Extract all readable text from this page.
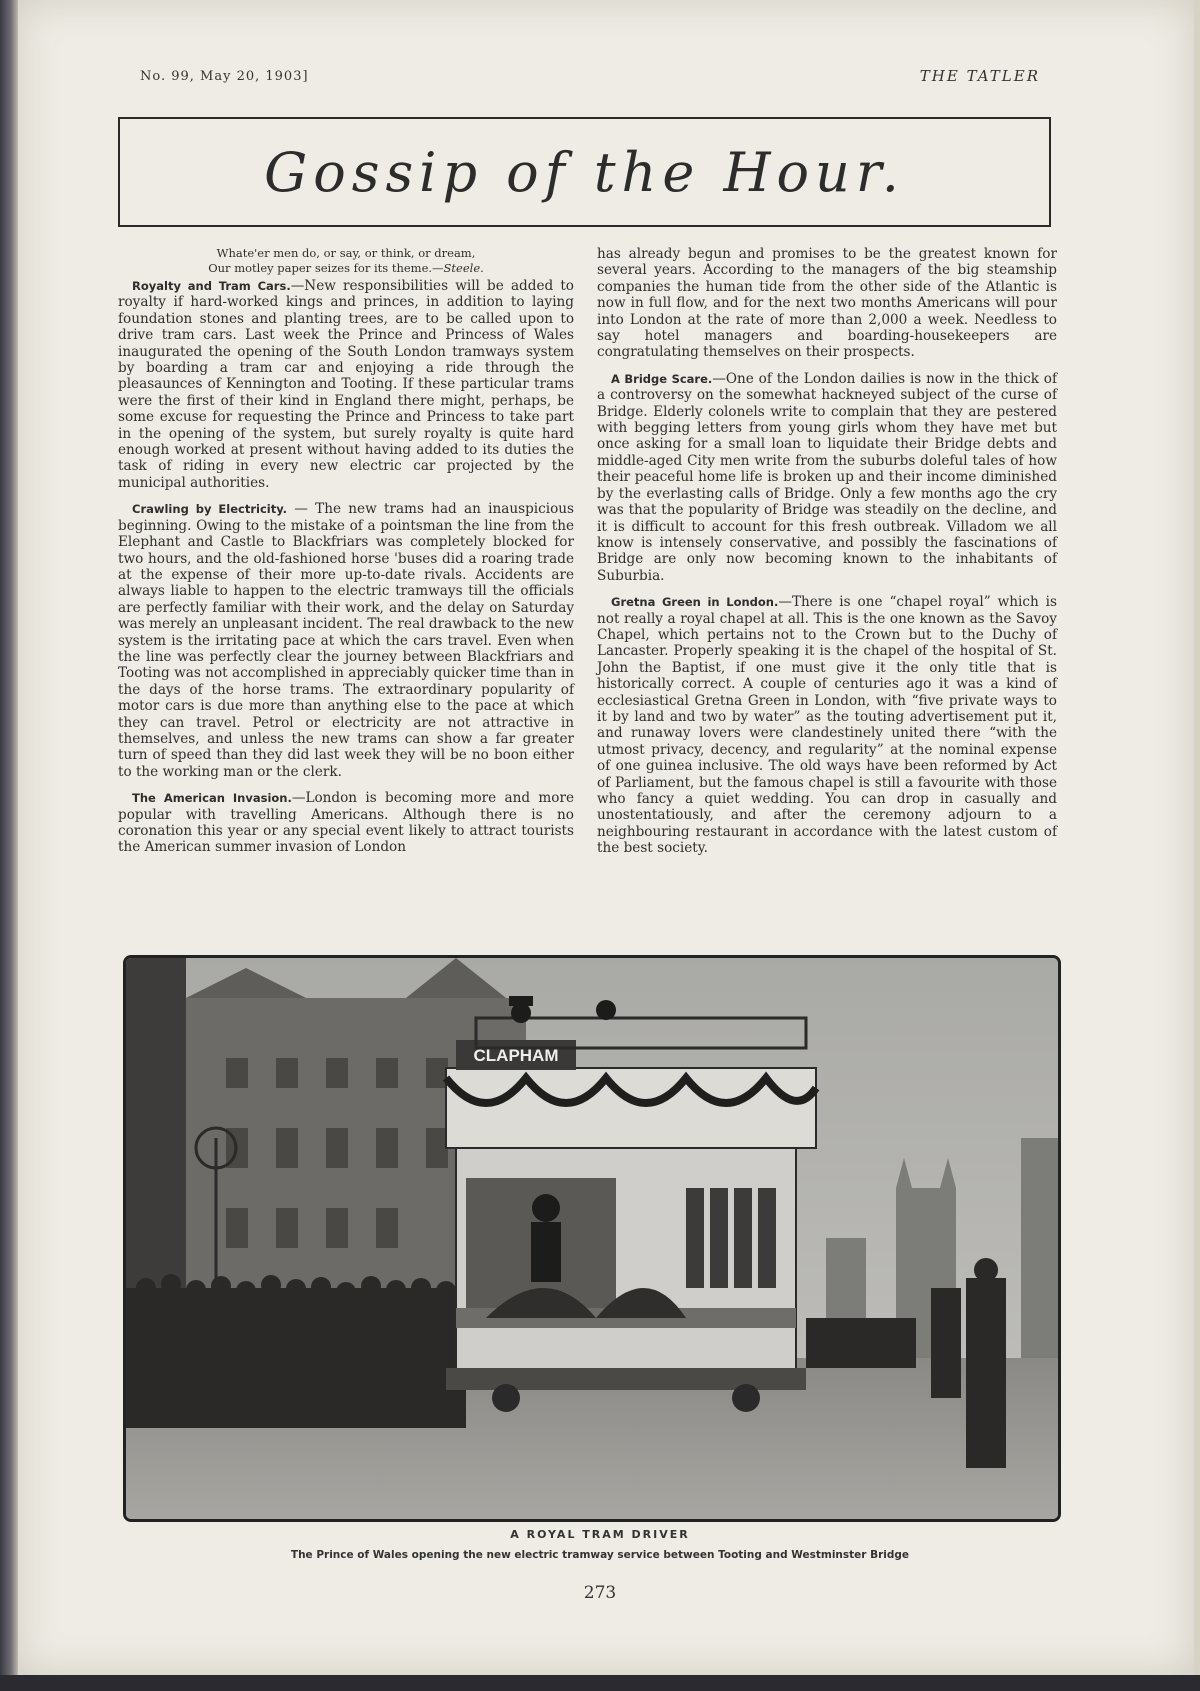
No. 99, May 20, 1903]	THE TATLER
Gossip of the Hour.
Whate'er men do, or say, or think, or dream,
Our motley paper seizes for its theme.—Steele.

Royalty and Tram Cars.—New responsibilities will be added to royalty if hard-worked kings and princes, in addition to laying foundation stones and planting trees, are to be called upon to drive tram cars. Last week the Prince and Princess of Wales inaugurated the opening of the South London tramways system by boarding a tram car and enjoying a ride through the pleasaunces of Kennington and Tooting. If these particular trams were the first of their kind in England there might, perhaps, be some excuse for requesting the Prince and Princess to take part in the opening of the system, but surely royalty is quite hard enough worked at present without having added to its duties the task of riding in every new electric car projected by the municipal authorities.

Crawling by Electricity. — The new trams had an inauspicious beginning. Owing to the mistake of a pointsman the line from the Elephant and Castle to Blackfriars was completely blocked for two hours, and the old-fashioned horse 'buses did a roaring trade at the expense of their more up-to-date rivals. Accidents are always liable to happen to the electric tramways till the officials are perfectly familiar with their work, and the delay on Saturday was merely an unpleasant incident. The real drawback to the new system is the irritating pace at which the cars travel. Even when the line was perfectly clear the journey between Blackfriars and Tooting was not accomplished in appreciably quicker time than in the days of the horse trams. The extraordinary popularity of motor cars is due more than anything else to the pace at which they can travel. Petrol or electricity are not attractive in themselves, and unless the new trams can show a far greater turn of speed than they did last week they will be no boon either to the working man or the clerk.

The American Invasion.—London is becoming more and more popular with travelling Americans. Although there is no coronation this year or any special event likely to attract tourists the American summer invasion of London

has already begun and promises to be the greatest known for several years. According to the managers of the big steamship companies the human tide from the other side of the Atlantic is now in full flow, and for the next two months Americans will pour into London at the rate of more than 2,000 a week. Needless to say hotel managers and boarding-housekeepers are congratulating themselves on their prospects.

A Bridge Scare.—One of the London dailies is now in the thick of a controversy on the somewhat hackneyed subject of the curse of Bridge. Elderly colonels write to complain that they are pestered with begging letters from young girls whom they have met but once asking for a small loan to liquidate their Bridge debts and middle-aged City men write from the suburbs doleful tales of how their peaceful home life is broken up and their income diminished by the everlasting calls of Bridge. Only a few months ago the cry was that the popularity of Bridge was steadily on the decline, and it is difficult to account for this fresh outbreak. Villadom we all know is intensely conservative, and possibly the fascinations of Bridge are only now becoming known to the inhabitants of Suburbia.

Gretna Green in London.—There is one “chapel royal” which is not really a royal chapel at all. This is the one known as the Savoy Chapel, which pertains not to the Crown but to the Duchy of Lancaster. Properly speaking it is the chapel of the hospital of St. John the Baptist, if one must give it the only title that is historically correct. A couple of centuries ago it was a kind of ecclesiastical Gretna Green in London, with “five private ways to it by land and two by water” as the touting advertisement put it, and runaway lovers were clandestinely united there “with the utmost privacy, decency, and regularity” at the nominal expense of one guinea inclusive. The old ways have been reformed by Act of Parliament, but the famous chapel is still a favourite with those who fancy a quiet wedding. You can drop in casually and unostentatiously, and after the ceremony adjourn to a neighbouring restaurant in accordance with the latest custom of the best society.

CLAPHAM
A ROYAL TRAM DRIVER
The Prince of Wales opening the new electric tramway service between Tooting and Westminster Bridge
273
